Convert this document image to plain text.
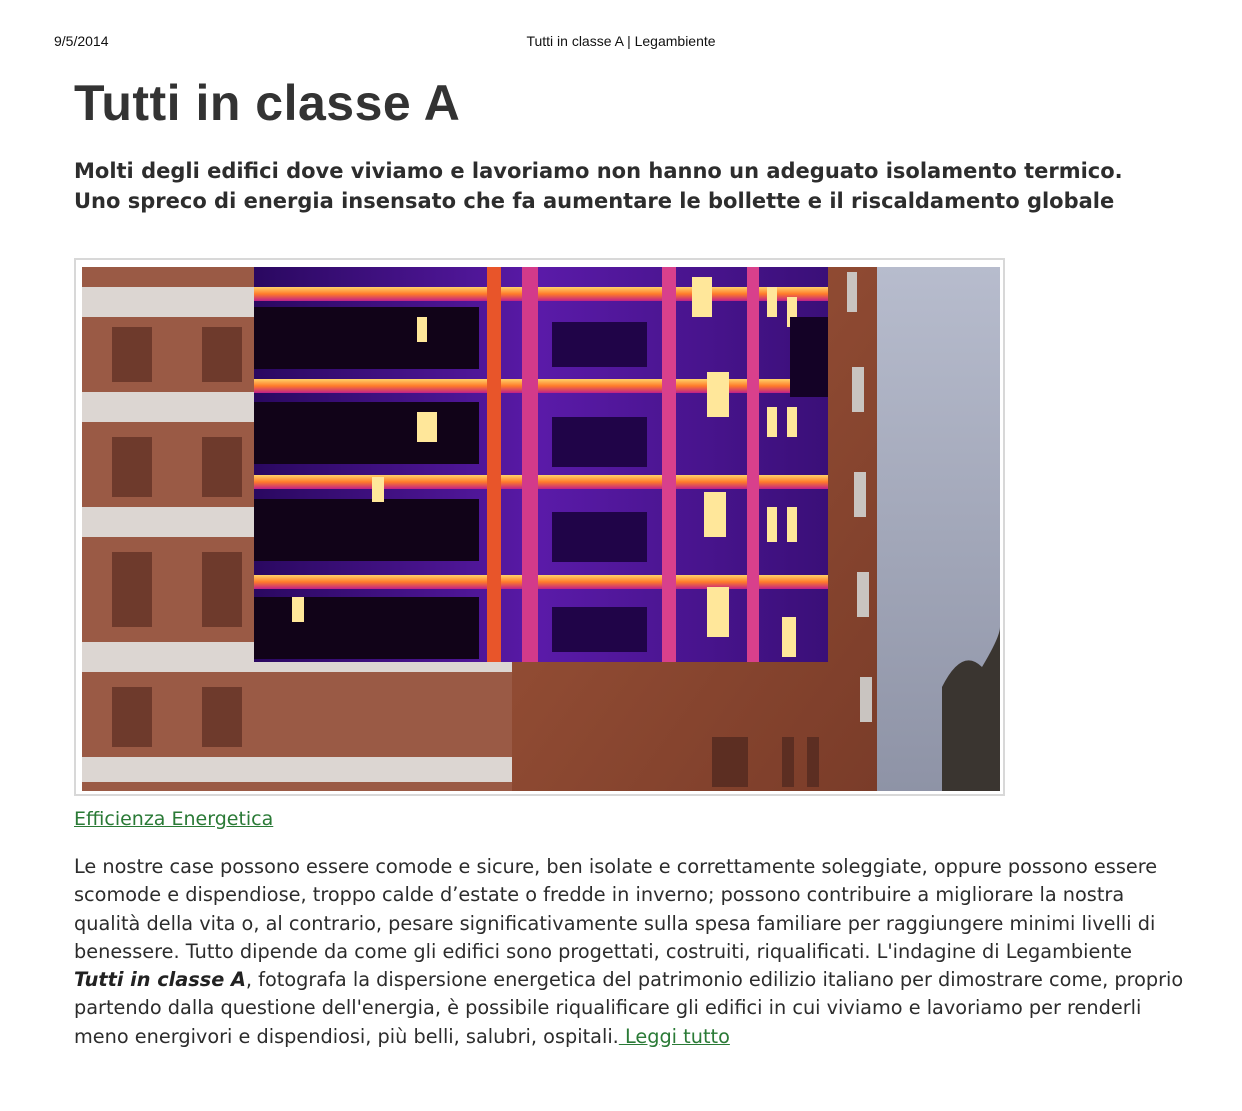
9/5/2014	Tutti in classe A | Legambiente
Tutti in classe A

Molti degli edifici dove viviamo e lavoriamo non hanno un adeguato isolamento termico. Uno spreco di energia insensato che fa aumentare le bollette e il riscaldamento globale

Efficienza Energetica

Le nostre case possono essere comode e sicure, ben isolate e correttamente soleggiate, oppure possono essere scomode e dispendiose, troppo calde d’estate o fredde in inverno; possono contribuire a migliorare la nostra qualità della vita o, al contrario, pesare significativamente sulla spesa familiare per raggiungere minimi livelli di benessere. Tutto dipende da come gli edifici sono progettati, costruiti, riqualificati. L'indagine di Legambiente Tutti in classe A, fotografa la dispersione energetica del patrimonio edilizio italiano per dimostrare come, proprio partendo dalla questione dell'energia, è possibile riqualificare gli edifici in cui viviamo e lavoriamo per renderli meno energivori e dispendiosi, più belli, salubri, ospitali. Leggi tutto
